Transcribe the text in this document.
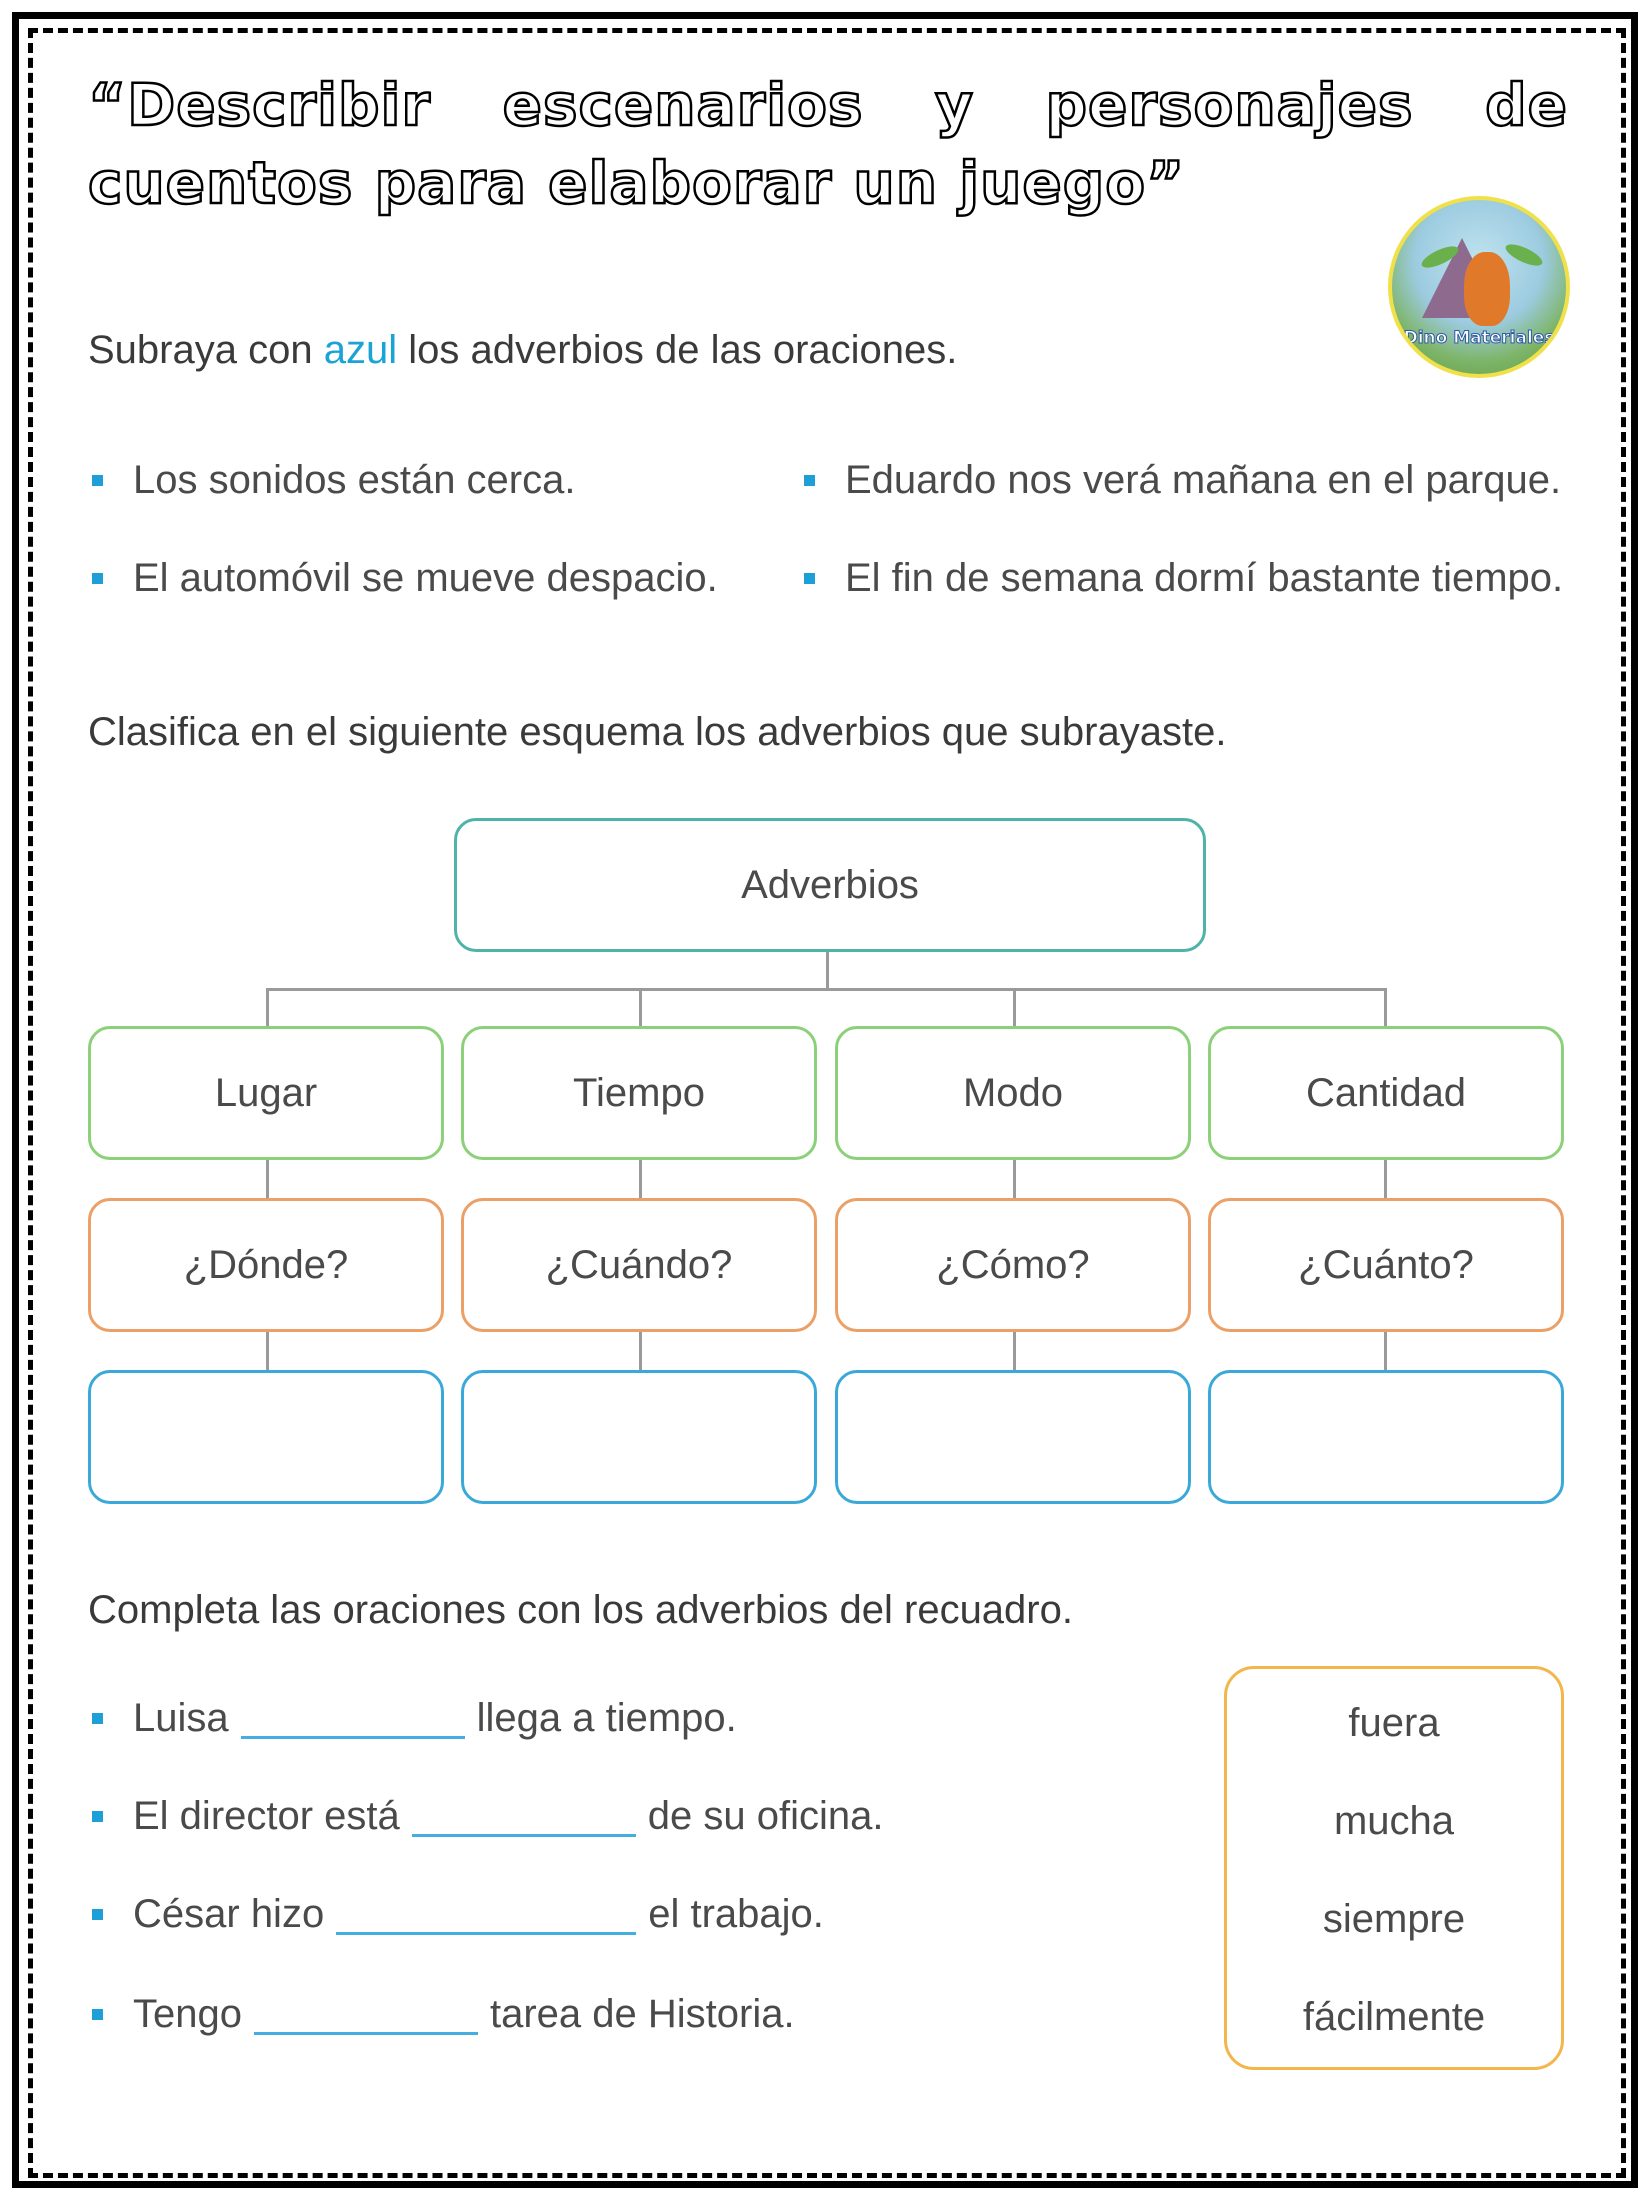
“Describir escenarios y personajes de cuentos para elaborar un juego”
Dino Materiales
Subraya con azul los adverbios de las oraciones.
Los sonidos están cerca.	Eduardo nos verá mañana en el parque.
El automóvil se mueve despacio.	El fin de semana dormí bastante tiempo.
Clasifica en el siguiente esquema los adverbios que subrayaste.
Adverbios
Lugar	Tiempo	Modo	Cantidad
¿Dónde?	¿Cuándo?	¿Cómo?	¿Cuánto?
Completa las oraciones con los adverbios del recuadro.
Luisa	llega a tiempo.
El director está	de su oficina.
César hizo	el trabajo.
Tengo	tarea de Historia.
fuera
mucha
siempre
fácilmente
